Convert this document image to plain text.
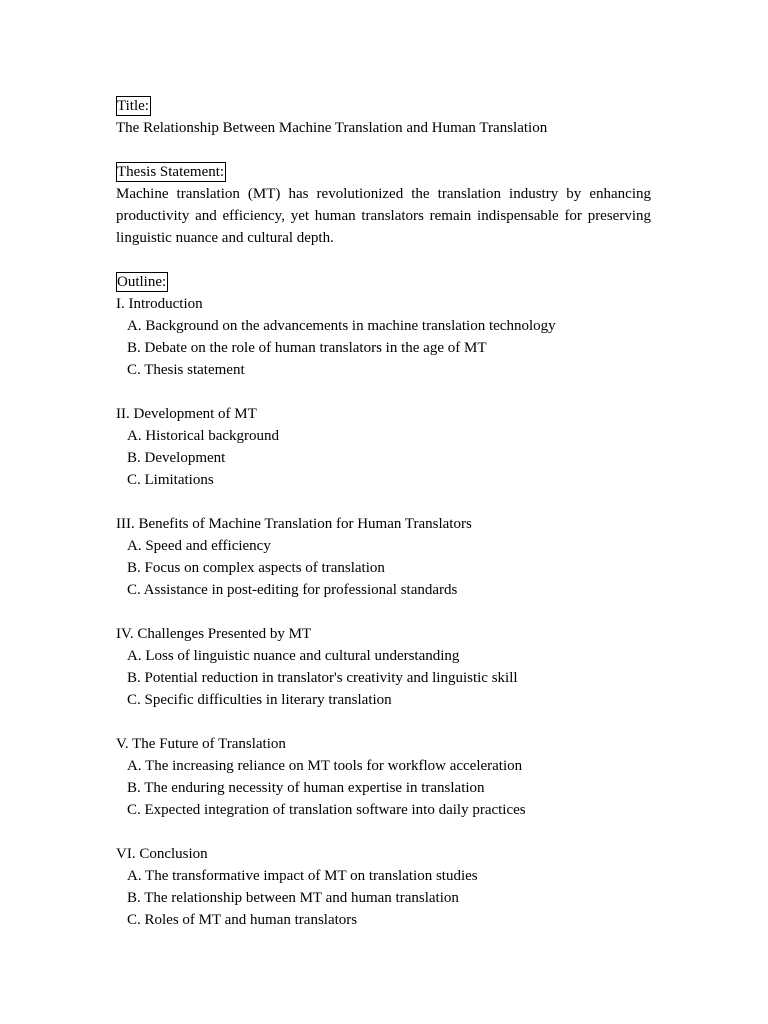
Title:
The Relationship Between Machine Translation and Human Translation
Thesis Statement:
Machine translation (MT) has revolutionized the translation industry by enhancing productivity and efficiency, yet human translators remain indispensable for preserving linguistic nuance and cultural depth.
Outline:
I. Introduction
A. Background on the advancements in machine translation technology
B. Debate on the role of human translators in the age of MT
C. Thesis statement
II. Development of MT
A. Historical background
B. Development
C. Limitations
III. Benefits of Machine Translation for Human Translators
A. Speed and efficiency
B. Focus on complex aspects of translation
C. Assistance in post-editing for professional standards
IV. Challenges Presented by MT
A. Loss of linguistic nuance and cultural understanding
B. Potential reduction in translator's creativity and linguistic skill
C. Specific difficulties in literary translation
V. The Future of Translation
A. The increasing reliance on MT tools for workflow acceleration
B. The enduring necessity of human expertise in translation
C. Expected integration of translation software into daily practices
VI. Conclusion
A. The transformative impact of MT on translation studies
B. The relationship between MT and human translation
C. Roles of MT and human translators
